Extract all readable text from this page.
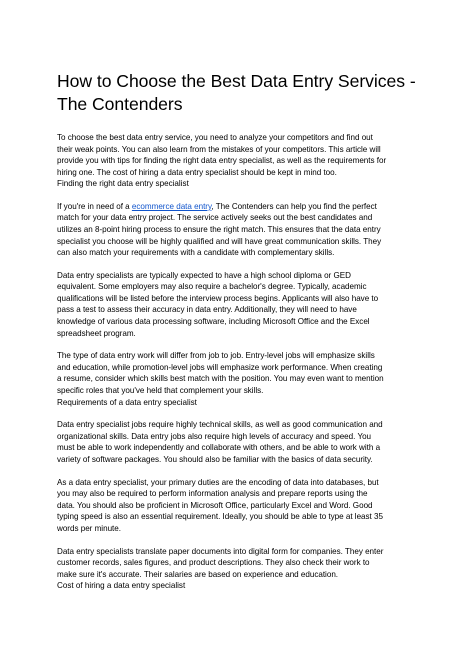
How to Choose the Best Data Entry Services - The Contenders
To choose the best data entry service, you need to analyze your competitors and find out
their weak points. You can also learn from the mistakes of your competitors. This article will
provide you with tips for finding the right data entry specialist, as well as the requirements for
hiring one. The cost of hiring a data entry specialist should be kept in mind too.
Finding the right data entry specialist
If you're in need of a ecommerce data entry, The Contenders can help you find the perfect
match for your data entry project. The service actively seeks out the best candidates and
utilizes an 8-point hiring process to ensure the right match. This ensures that the data entry
specialist you choose will be highly qualified and will have great communication skills. They
can also match your requirements with a candidate with complementary skills.
Data entry specialists are typically expected to have a high school diploma or GED
equivalent. Some employers may also require a bachelor's degree. Typically, academic
qualifications will be listed before the interview process begins. Applicants will also have to
pass a test to assess their accuracy in data entry. Additionally, they will need to have
knowledge of various data processing software, including Microsoft Office and the Excel
spreadsheet program.
The type of data entry work will differ from job to job. Entry-level jobs will emphasize skills
and education, while promotion-level jobs will emphasize work performance. When creating
a resume, consider which skills best match with the position. You may even want to mention
specific roles that you've held that complement your skills.
Requirements of a data entry specialist
Data entry specialist jobs require highly technical skills, as well as good communication and
organizational skills. Data entry jobs also require high levels of accuracy and speed. You
must be able to work independently and collaborate with others, and be able to work with a
variety of software packages. You should also be familiar with the basics of data security.
As a data entry specialist, your primary duties are the encoding of data into databases, but
you may also be required to perform information analysis and prepare reports using the
data. You should also be proficient in Microsoft Office, particularly Excel and Word. Good
typing speed is also an essential requirement. Ideally, you should be able to type at least 35
words per minute.
Data entry specialists translate paper documents into digital form for companies. They enter
customer records, sales figures, and product descriptions. They also check their work to
make sure it's accurate. Their salaries are based on experience and education.
Cost of hiring a data entry specialist
